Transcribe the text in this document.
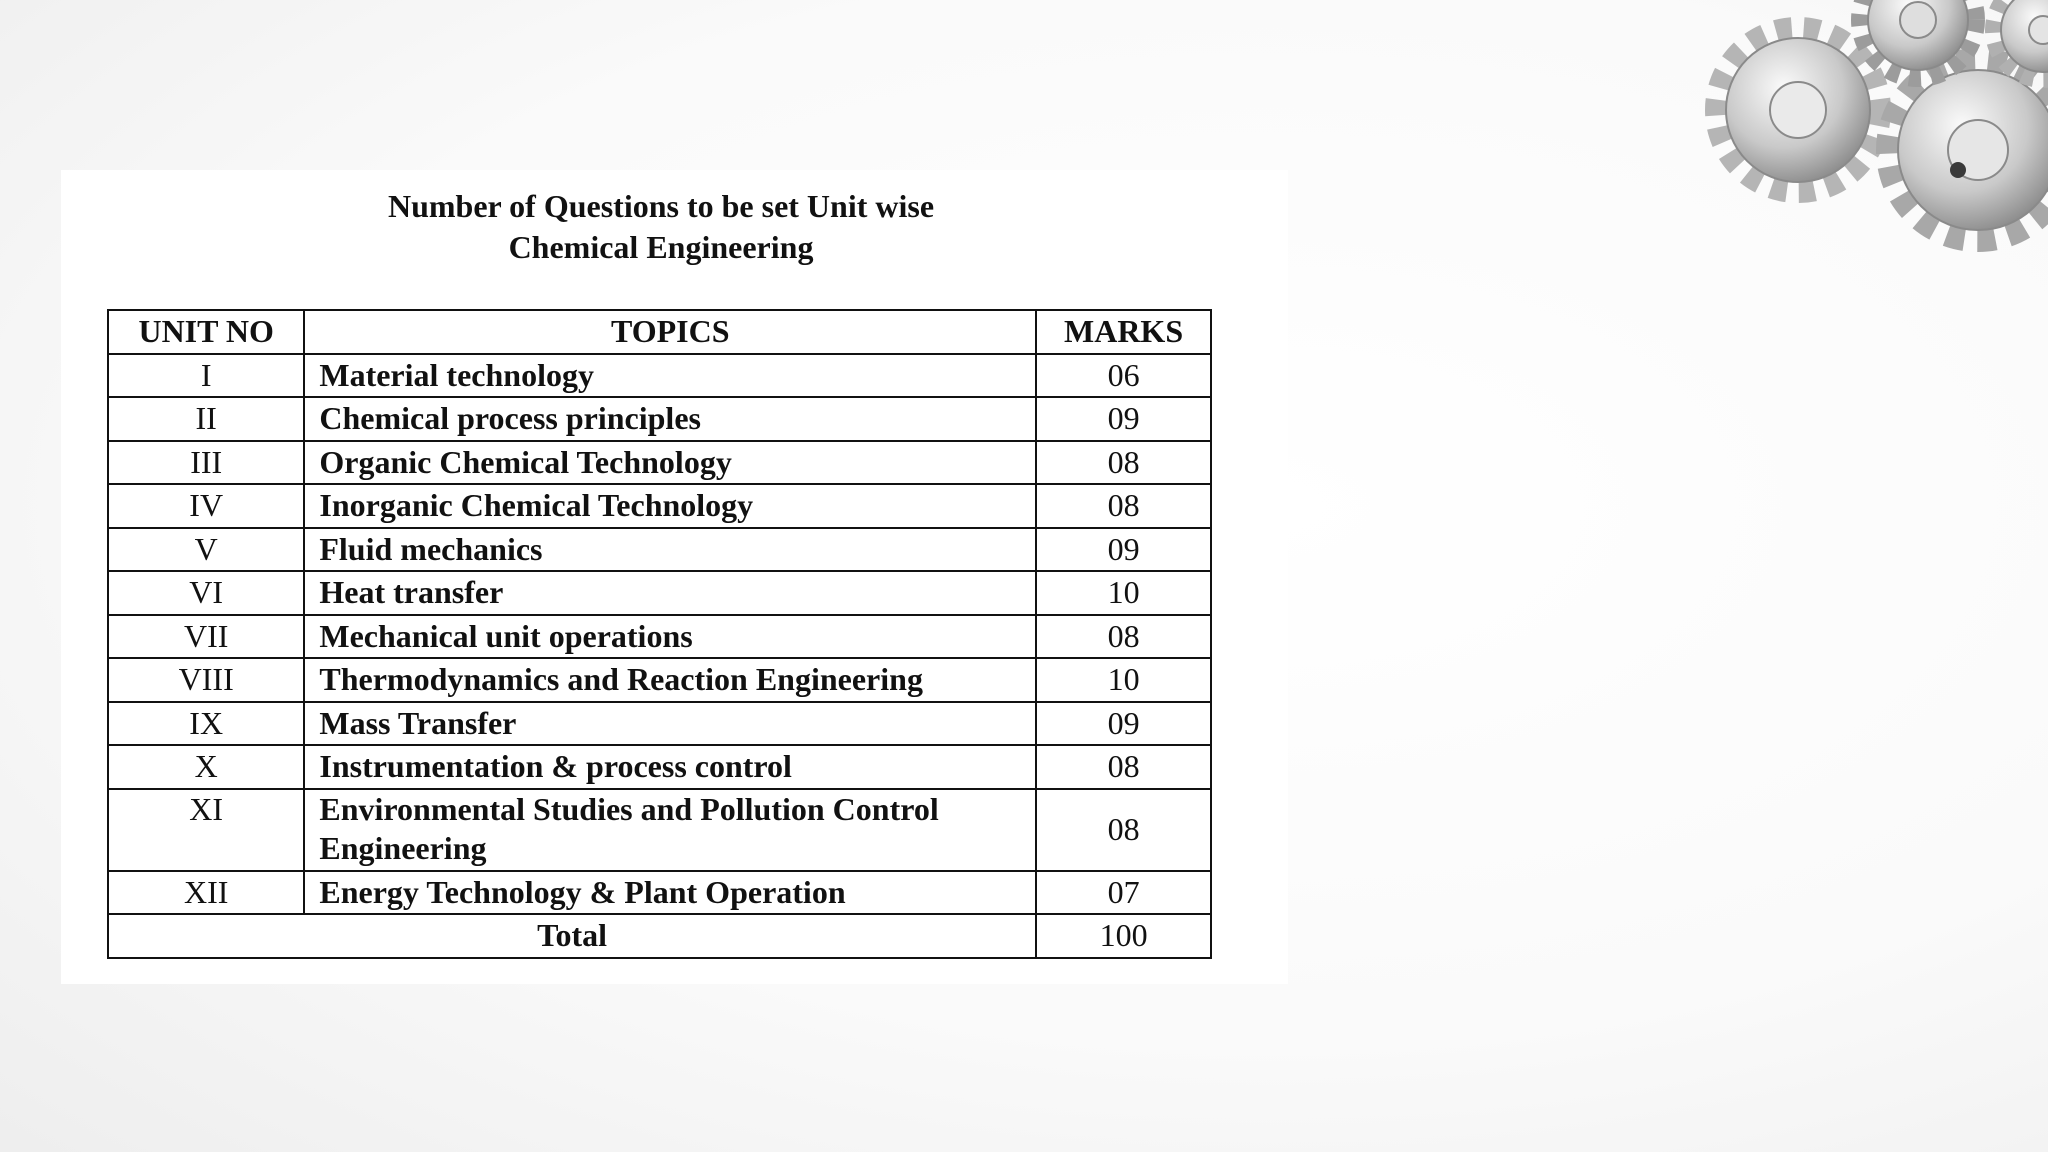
Number of Questions to be set Unit wise
Chemical Engineering
UNIT NO	TOPICS	MARKS
I	Material technology	06
II	Chemical process principles	09
III	Organic Chemical Technology	08
IV	Inorganic Chemical Technology	08
V	Fluid mechanics	09
VI	Heat transfer	10
VII	Mechanical unit operations	08
VIII	Thermodynamics and Reaction Engineering	10
IX	Mass Transfer	09
X	Instrumentation & process control	08
XI	Environmental Studies and Pollution Control
Engineering	08
XII	Energy Technology & Plant Operation	07
Total		100
